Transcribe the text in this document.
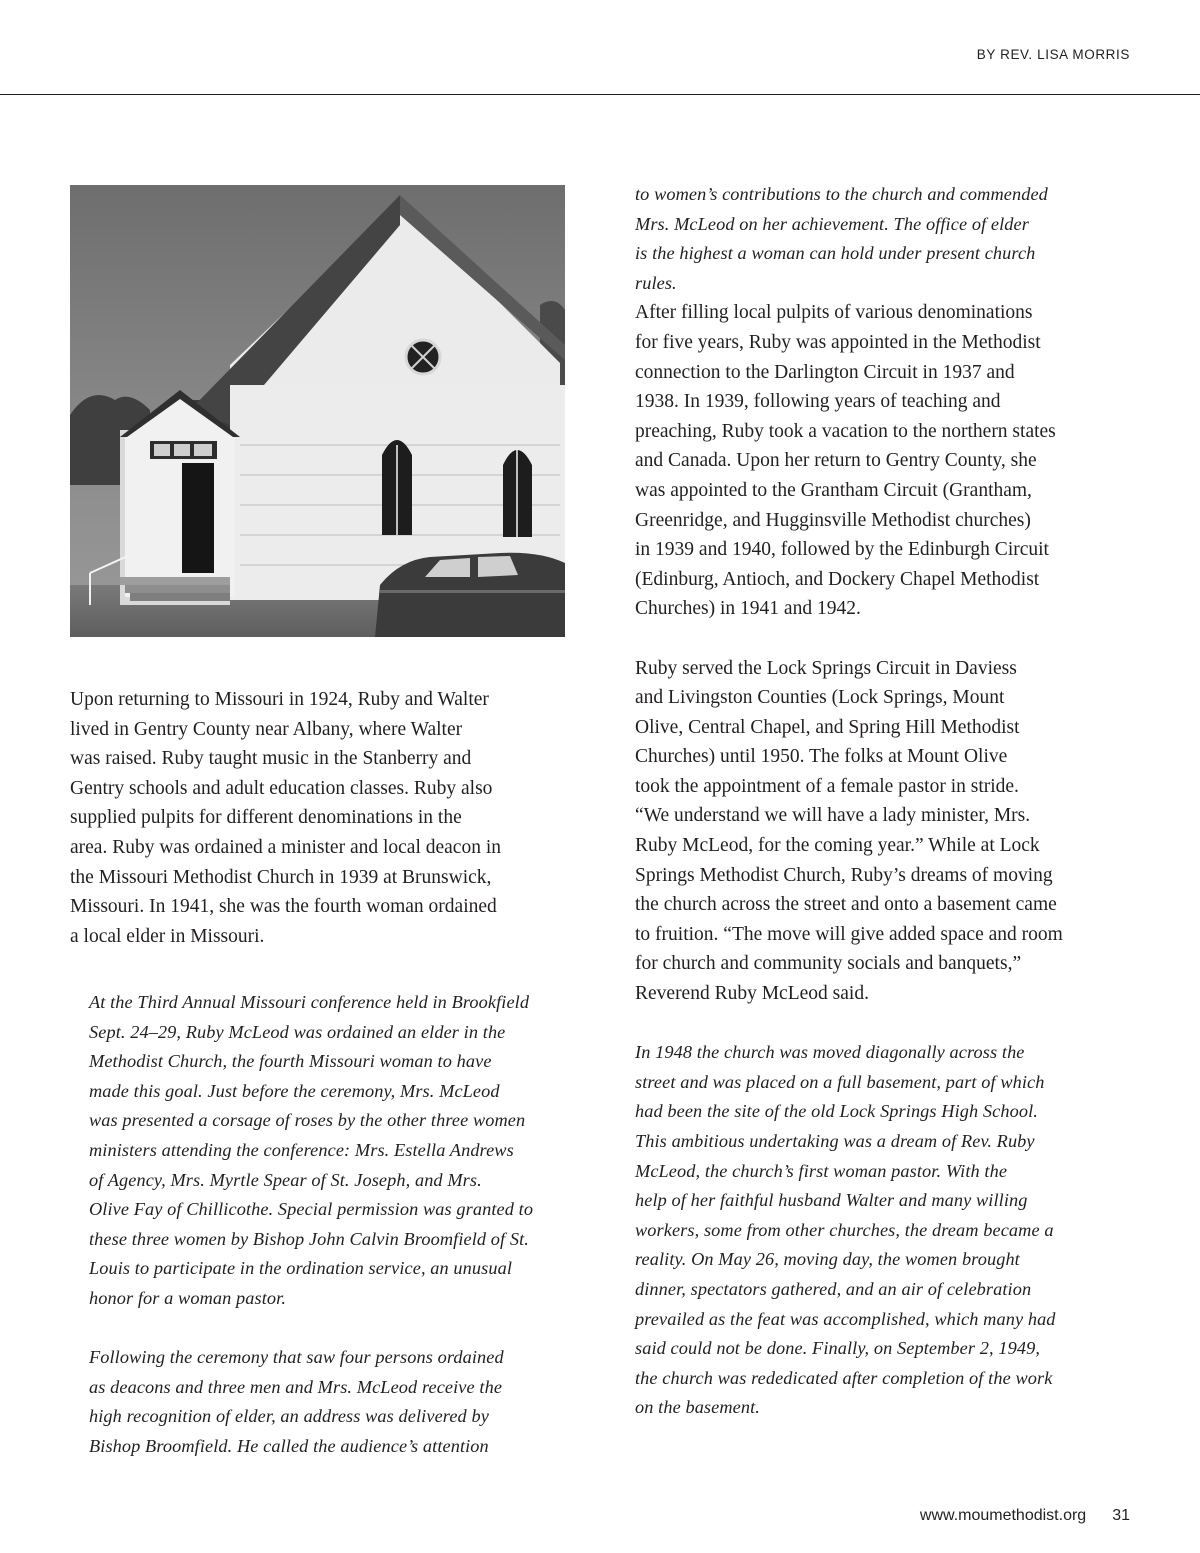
BY REV. LISA MORRIS

Upon returning to Missouri in 1924, Ruby and Walter
lived in Gentry County near Albany, where Walter
was raised. Ruby taught music in the Stanberry and
Gentry schools and adult education classes. Ruby also
supplied pulpits for different denominations in the
area. Ruby was ordained a minister and local deacon in
the Missouri Methodist Church in 1939 at Brunswick,
Missouri. In 1941, she was the fourth woman ordained
a local elder in Missouri.

At the Third Annual Missouri conference held in Brookfield
Sept. 24–29, Ruby McLeod was ordained an elder in the
Methodist Church, the fourth Missouri woman to have
made this goal. Just before the ceremony, Mrs. McLeod
was presented a corsage of roses by the other three women
ministers attending the conference: Mrs. Estella Andrews
of Agency, Mrs. Myrtle Spear of St. Joseph, and Mrs.
Olive Fay of Chillicothe. Special permission was granted to
these three women by Bishop John Calvin Broomfield of St.
Louis to participate in the ordination service, an unusual
honor for a woman pastor.

Following the ceremony that saw four persons ordained
as deacons and three men and Mrs. McLeod receive the
high recognition of elder, an address was delivered by
Bishop Broomfield. He called the audience’s attention

to women’s contributions to the church and commended
Mrs. McLeod on her achievement. The office of elder
is the highest a woman can hold under present church
rules.

After filling local pulpits of various denominations
for five years, Ruby was appointed in the Methodist
connection to the Darlington Circuit in 1937 and
1938. In 1939, following years of teaching and
preaching, Ruby took a vacation to the northern states
and Canada. Upon her return to Gentry County, she
was appointed to the Grantham Circuit (Grantham,
Greenridge, and Hugginsville Methodist churches)
in 1939 and 1940, followed by the Edinburgh Circuit
(Edinburg, Antioch, and Dockery Chapel Methodist
Churches) in 1941 and 1942.

Ruby served the Lock Springs Circuit in Daviess
and Livingston Counties (Lock Springs, Mount
Olive, Central Chapel, and Spring Hill Methodist
Churches) until 1950. The folks at Mount Olive
took the appointment of a female pastor in stride.
“We understand we will have a lady minister, Mrs.
Ruby McLeod, for the coming year.” While at Lock
Springs Methodist Church, Ruby’s dreams of moving
the church across the street and onto a basement came
to fruition. “The move will give added space and room
for church and community socials and banquets,”
Reverend Ruby McLeod said.

In 1948 the church was moved diagonally across the
street and was placed on a full basement, part of which
had been the site of the old Lock Springs High School.
This ambitious undertaking was a dream of Rev. Ruby
McLeod, the church’s first woman pastor. With the
help of her faithful husband Walter and many willing
workers, some from other churches, the dream became a
reality. On May 26, moving day, the women brought
dinner, spectators gathered, and an air of celebration
prevailed as the feat was accomplished, which many had
said could not be done. Finally, on September 2, 1949,
the church was rededicated after completion of the work
on the basement.

www.moumethodist.org 31
